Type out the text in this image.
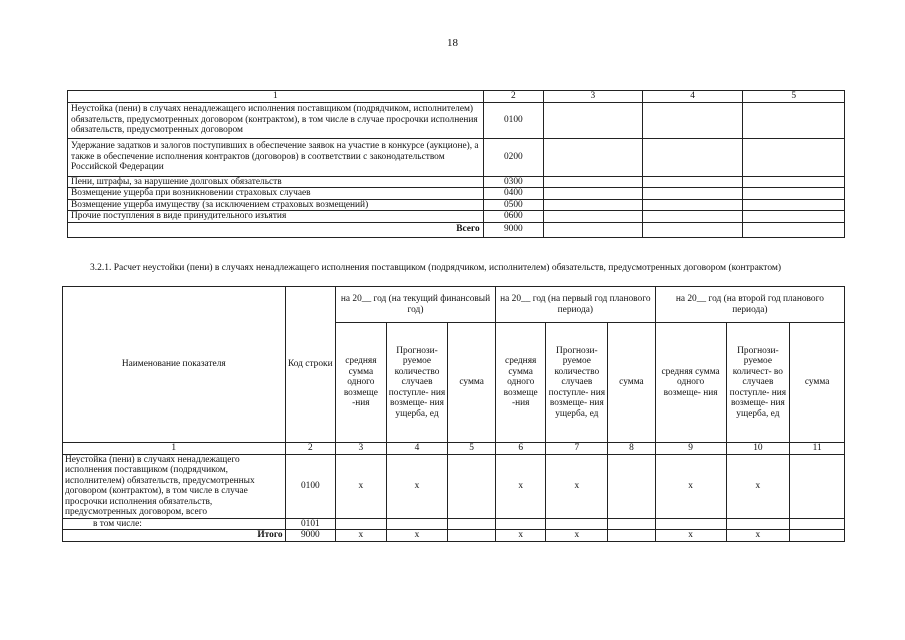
18
1	2	3	4	5
Неустойка (пени) в случаях ненадлежащего исполнения поставщиком (подрядчиком, исполнителем) обязательств, предусмотренных договором (контрактом), в том числе в случае просрочки исполнения обязательств, предусмотренных договором	0100			
Удержание задатков и залогов поступивших в обеспечение заявок на участие в конкурсе (аукционе), а также в обеспечение исполнения контрактов (договоров) в соответствии с законодательством Российской Федерации	0200			
Пени, штрафы, за нарушение долговых обязательств	0300			
Возмещение ущерба при возникновении страховых случаев	0400			
Возмещение ущерба имуществу (за исключением страховых возмещений)	0500			
Прочие поступления в виде принудительного изъятия	0600			
Всего	9000			
3.2.1. Расчет неустойки (пени) в случаях ненадлежащего исполнения поставщиком (подрядчиком, исполнителем) обязательств, предусмотренных договором (контрактом)
Наименование показателя	Код строки	на 20__ год (на текущий финансовый год)			на 20__ год (на первый год планового периода)			на 20__ год (на второй год планового периода)		
		средняя сумма одного возмеще -ния	Прогнози- руемое количество случаев поступле- ния возмеще- ния ущерба, ед	сумма	средняя сумма одного возмеще -ния	Прогнози- руемое количество случаев поступле- ния возмеще- ния ущерба, ед	сумма	средняя сумма одного возмеще- ния	Прогнози- руемое количест- во случаев поступле- ния возмеще- ния ущерба, ед	сумма
1	2	3	4	5	6	7	8	9	10	11
Неустойка (пени) в случаях ненадлежащего исполнения поставщиком (подрядчиком, исполнителем) обязательств, предусмотренных договором (контрактом), в том числе в случае просрочки исполнения обязательств, предусмотренных договором, всего	0100	x	x		x	x		x	x	
в том числе:	0101									
Итого	9000	x	x		x	x		x	x	
